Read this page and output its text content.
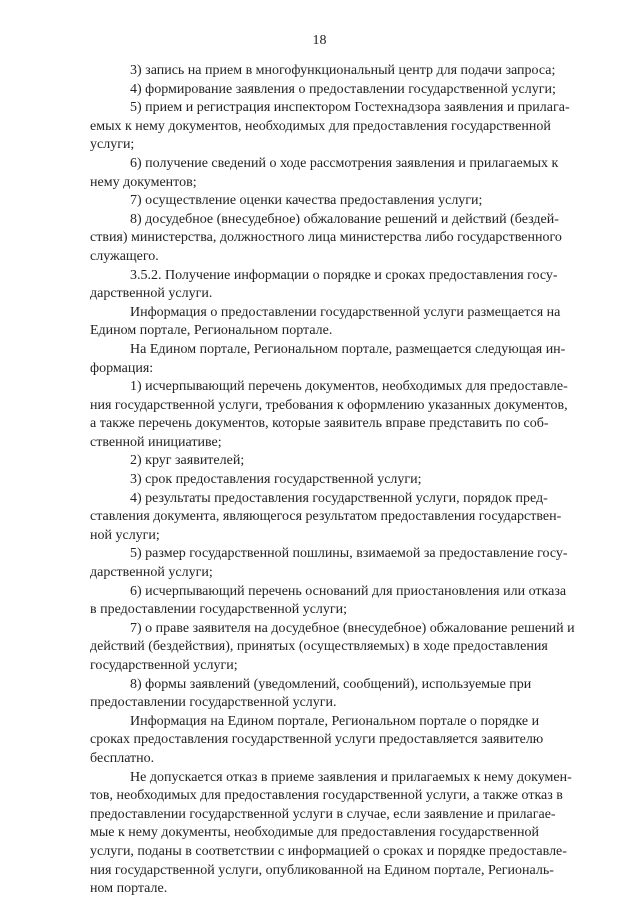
18
3) запись на прием в многофункциональный центр для подачи запроса;
4) формирование заявления о предоставлении государственной услуги;
5) прием и регистрация инспектором Гостехнадзора заявления и прилага-
емых к нему документов, необходимых для предоставления государственной
услуги;
6) получение сведений о ходе рассмотрения заявления и прилагаемых к
нему документов;
7) осуществление оценки качества предоставления услуги;
8) досудебное (внесудебное) обжалование решений и действий (бездей-
ствия) министерства, должностного лица министерства либо государственного
служащего.
3.5.2. Получение информации о порядке и сроках предоставления госу-
дарственной услуги.
Информация о предоставлении государственной услуги размещается на
Едином портале, Региональном портале.
На Едином портале, Региональном портале, размещается следующая ин-
формация:
1) исчерпывающий перечень документов, необходимых для предоставле-
ния государственной услуги, требования к оформлению указанных документов,
а также перечень документов, которые заявитель вправе представить по соб-
ственной инициативе;
2) круг заявителей;
3) срок предоставления государственной услуги;
4) результаты предоставления государственной услуги, порядок пред-
ставления документа, являющегося результатом предоставления государствен-
ной услуги;
5) размер государственной пошлины, взимаемой за предоставление госу-
дарственной услуги;
6) исчерпывающий перечень оснований для приостановления или отказа
в предоставлении государственной услуги;
7) о праве заявителя на досудебное (внесудебное) обжалование решений и
действий (бездействия), принятых (осуществляемых) в ходе предоставления
государственной услуги;
8) формы заявлений (уведомлений, сообщений), используемые при
предоставлении государственной услуги.
Информация на Едином портале, Региональном портале о порядке и
сроках предоставления государственной услуги предоставляется заявителю
бесплатно.
Не допускается отказ в приеме заявления и прилагаемых к нему докумен-
тов, необходимых для предоставления государственной услуги, а также отказ в
предоставлении государственной услуги в случае, если заявление и прилагае-
мые к нему документы, необходимые для предоставления государственной
услуги, поданы в соответствии с информацией о сроках и порядке предоставле-
ния государственной услуги, опубликованной на Едином портале, Региональ-
ном портале.
